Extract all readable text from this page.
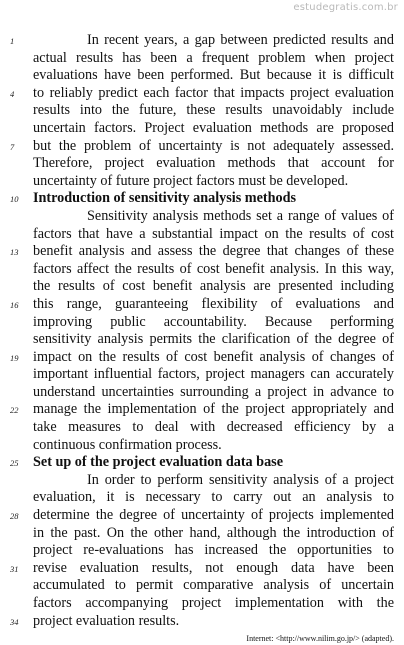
estudegratis.com.br
1	In recent years, a gap between predicted results and
actual results has been a frequent problem when project
evaluations have been performed. But because it is difficult
4	to reliably predict each factor that impacts project evaluation
results into the future, these results unavoidably include
uncertain factors. Project evaluation methods are proposed
7	but the problem of uncertainty is not adequately assessed.
Therefore, project evaluation methods that account for
uncertainty of future project factors must be developed.
10	Introduction of sensitivity analysis methods
Sensitivity analysis methods set a range of values of
factors that have a substantial impact on the results of cost
13	benefit analysis and assess the degree that changes of these
factors affect the results of cost benefit analysis. In this way,
the results of cost benefit analysis are presented including
16	this range, guaranteeing flexibility of evaluations and
improving public accountability. Because performing
sensitivity analysis permits the clarification of the degree of
19	impact on the results of cost benefit analysis of changes of
important influential factors, project managers can accurately
understand uncertainties surrounding a project in advance to
22	manage the implementation of the project appropriately and
take measures to deal with decreased efficiency by a
continuous confirmation process.
25	Set up of the project evaluation data base
In order to perform sensitivity analysis of a project
evaluation, it is necessary to carry out an analysis to
28	determine the degree of uncertainty of projects implemented
in the past. On the other hand, although the introduction of
project re-evaluations has increased the opportunities to
31	revise evaluation results, not enough data have been
accumulated to permit comparative analysis of uncertain
factors accompanying project implementation with the
34	project evaluation results.
Internet: <http://www.nilim.go.jp/> (adapted).
